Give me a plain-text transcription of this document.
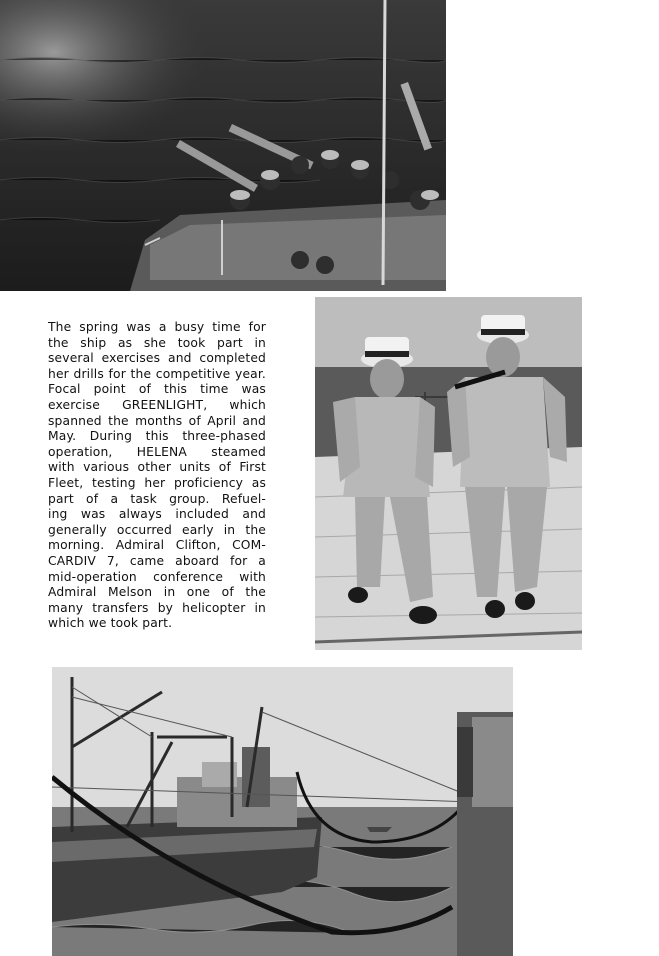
The spring was a busy time for
the ship as she took part in
several exercises and completed
her drills for the competitive year.
Focal point of this time was
exercise GREENLIGHT, which
spanned the months of April and
May. During this three-phased
operation, HELENA steamed
with various other units of First
Fleet, testing her proficiency as
part of a task group. Refuel-
ing was always included and
generally occurred early in the
morning. Admiral Clifton, COM-
CARDIV 7, came aboard for a
mid-operation conference with
Admiral Melson in one of the
many transfers by helicopter in
which we took part.
